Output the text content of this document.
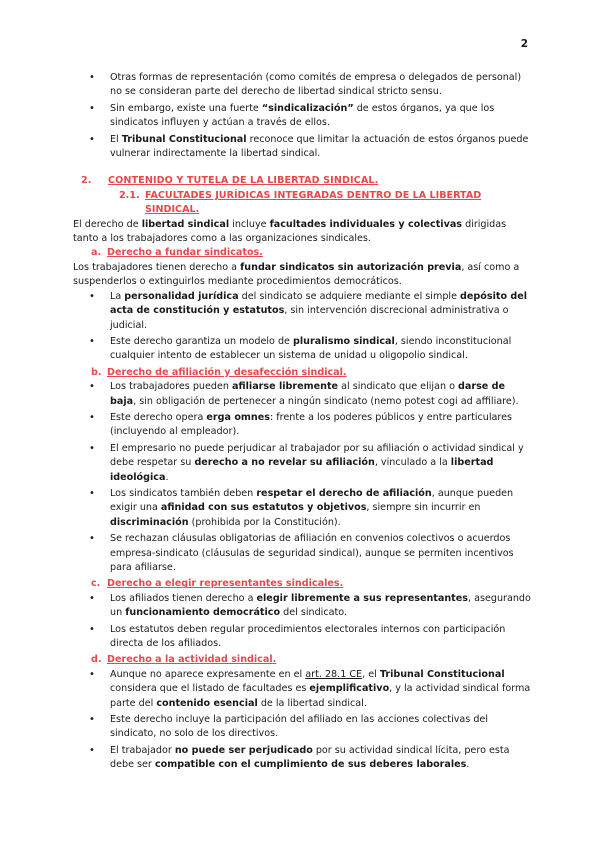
2
• Otras formas de representación (como comités de empresa o delegados de personal) no se consideran parte del derecho de libertad sindical stricto sensu.
• Sin embargo, existe una fuerte “sindicalización” de estos órganos, ya que los sindicatos influyen y actúan a través de ellos.
• El Tribunal Constitucional reconoce que limitar la actuación de estos órganos puede vulnerar indirectamente la libertad sindical.
2. CONTENIDO Y TUTELA DE LA LIBERTAD SINDICAL.
2.1. FACULTADES JURÍDICAS INTEGRADAS DENTRO DE LA LIBERTAD SINDICAL.

El derecho de libertad sindical incluye facultades individuales y colectivas dirigidas tanto a los trabajadores como a las organizaciones sindicales.

a. Derecho a fundar sindicatos.

Los trabajadores tienen derecho a fundar sindicatos sin autorización previa, así como a suspenderlos o extinguirlos mediante procedimientos democráticos.

• La personalidad jurídica del sindicato se adquiere mediante el simple depósito del acta de constitución y estatutos, sin intervención discrecional administrativa o judicial.
• Este derecho garantiza un modelo de pluralismo sindical, siendo inconstitucional cualquier intento de establecer un sistema de unidad u oligopolio sindical.
b. Derecho de afiliación y desafección sindical.
• Los trabajadores pueden afiliarse libremente al sindicato que elijan o darse de baja, sin obligación de pertenecer a ningún sindicato (nemo potest cogi ad affiliare).
• Este derecho opera erga omnes: frente a los poderes públicos y entre particulares (incluyendo al empleador).
• El empresario no puede perjudicar al trabajador por su afiliación o actividad sindical y debe respetar su derecho a no revelar su afiliación, vinculado a la libertad ideológica.
• Los sindicatos también deben respetar el derecho de afiliación, aunque pueden exigir una afinidad con sus estatutos y objetivos, siempre sin incurrir en discriminación (prohibida por la Constitución).
• Se rechazan cláusulas obligatorias de afiliación en convenios colectivos o acuerdos empresa-sindicato (cláusulas de seguridad sindical), aunque se permiten incentivos para afiliarse.
c. Derecho a elegir representantes sindicales.
• Los afiliados tienen derecho a elegir libremente a sus representantes, asegurando un funcionamiento democrático del sindicato.
• Los estatutos deben regular procedimientos electorales internos con participación directa de los afiliados.
d. Derecho a la actividad sindical.
• Aunque no aparece expresamente en el art. 28.1 CE, el Tribunal Constitucional considera que el listado de facultades es ejemplificativo, y la actividad sindical forma parte del contenido esencial de la libertad sindical.
• Este derecho incluye la participación del afiliado en las acciones colectivas del sindicato, no solo de los directivos.
• El trabajador no puede ser perjudicado por su actividad sindical lícita, pero esta debe ser compatible con el cumplimiento de sus deberes laborales.
